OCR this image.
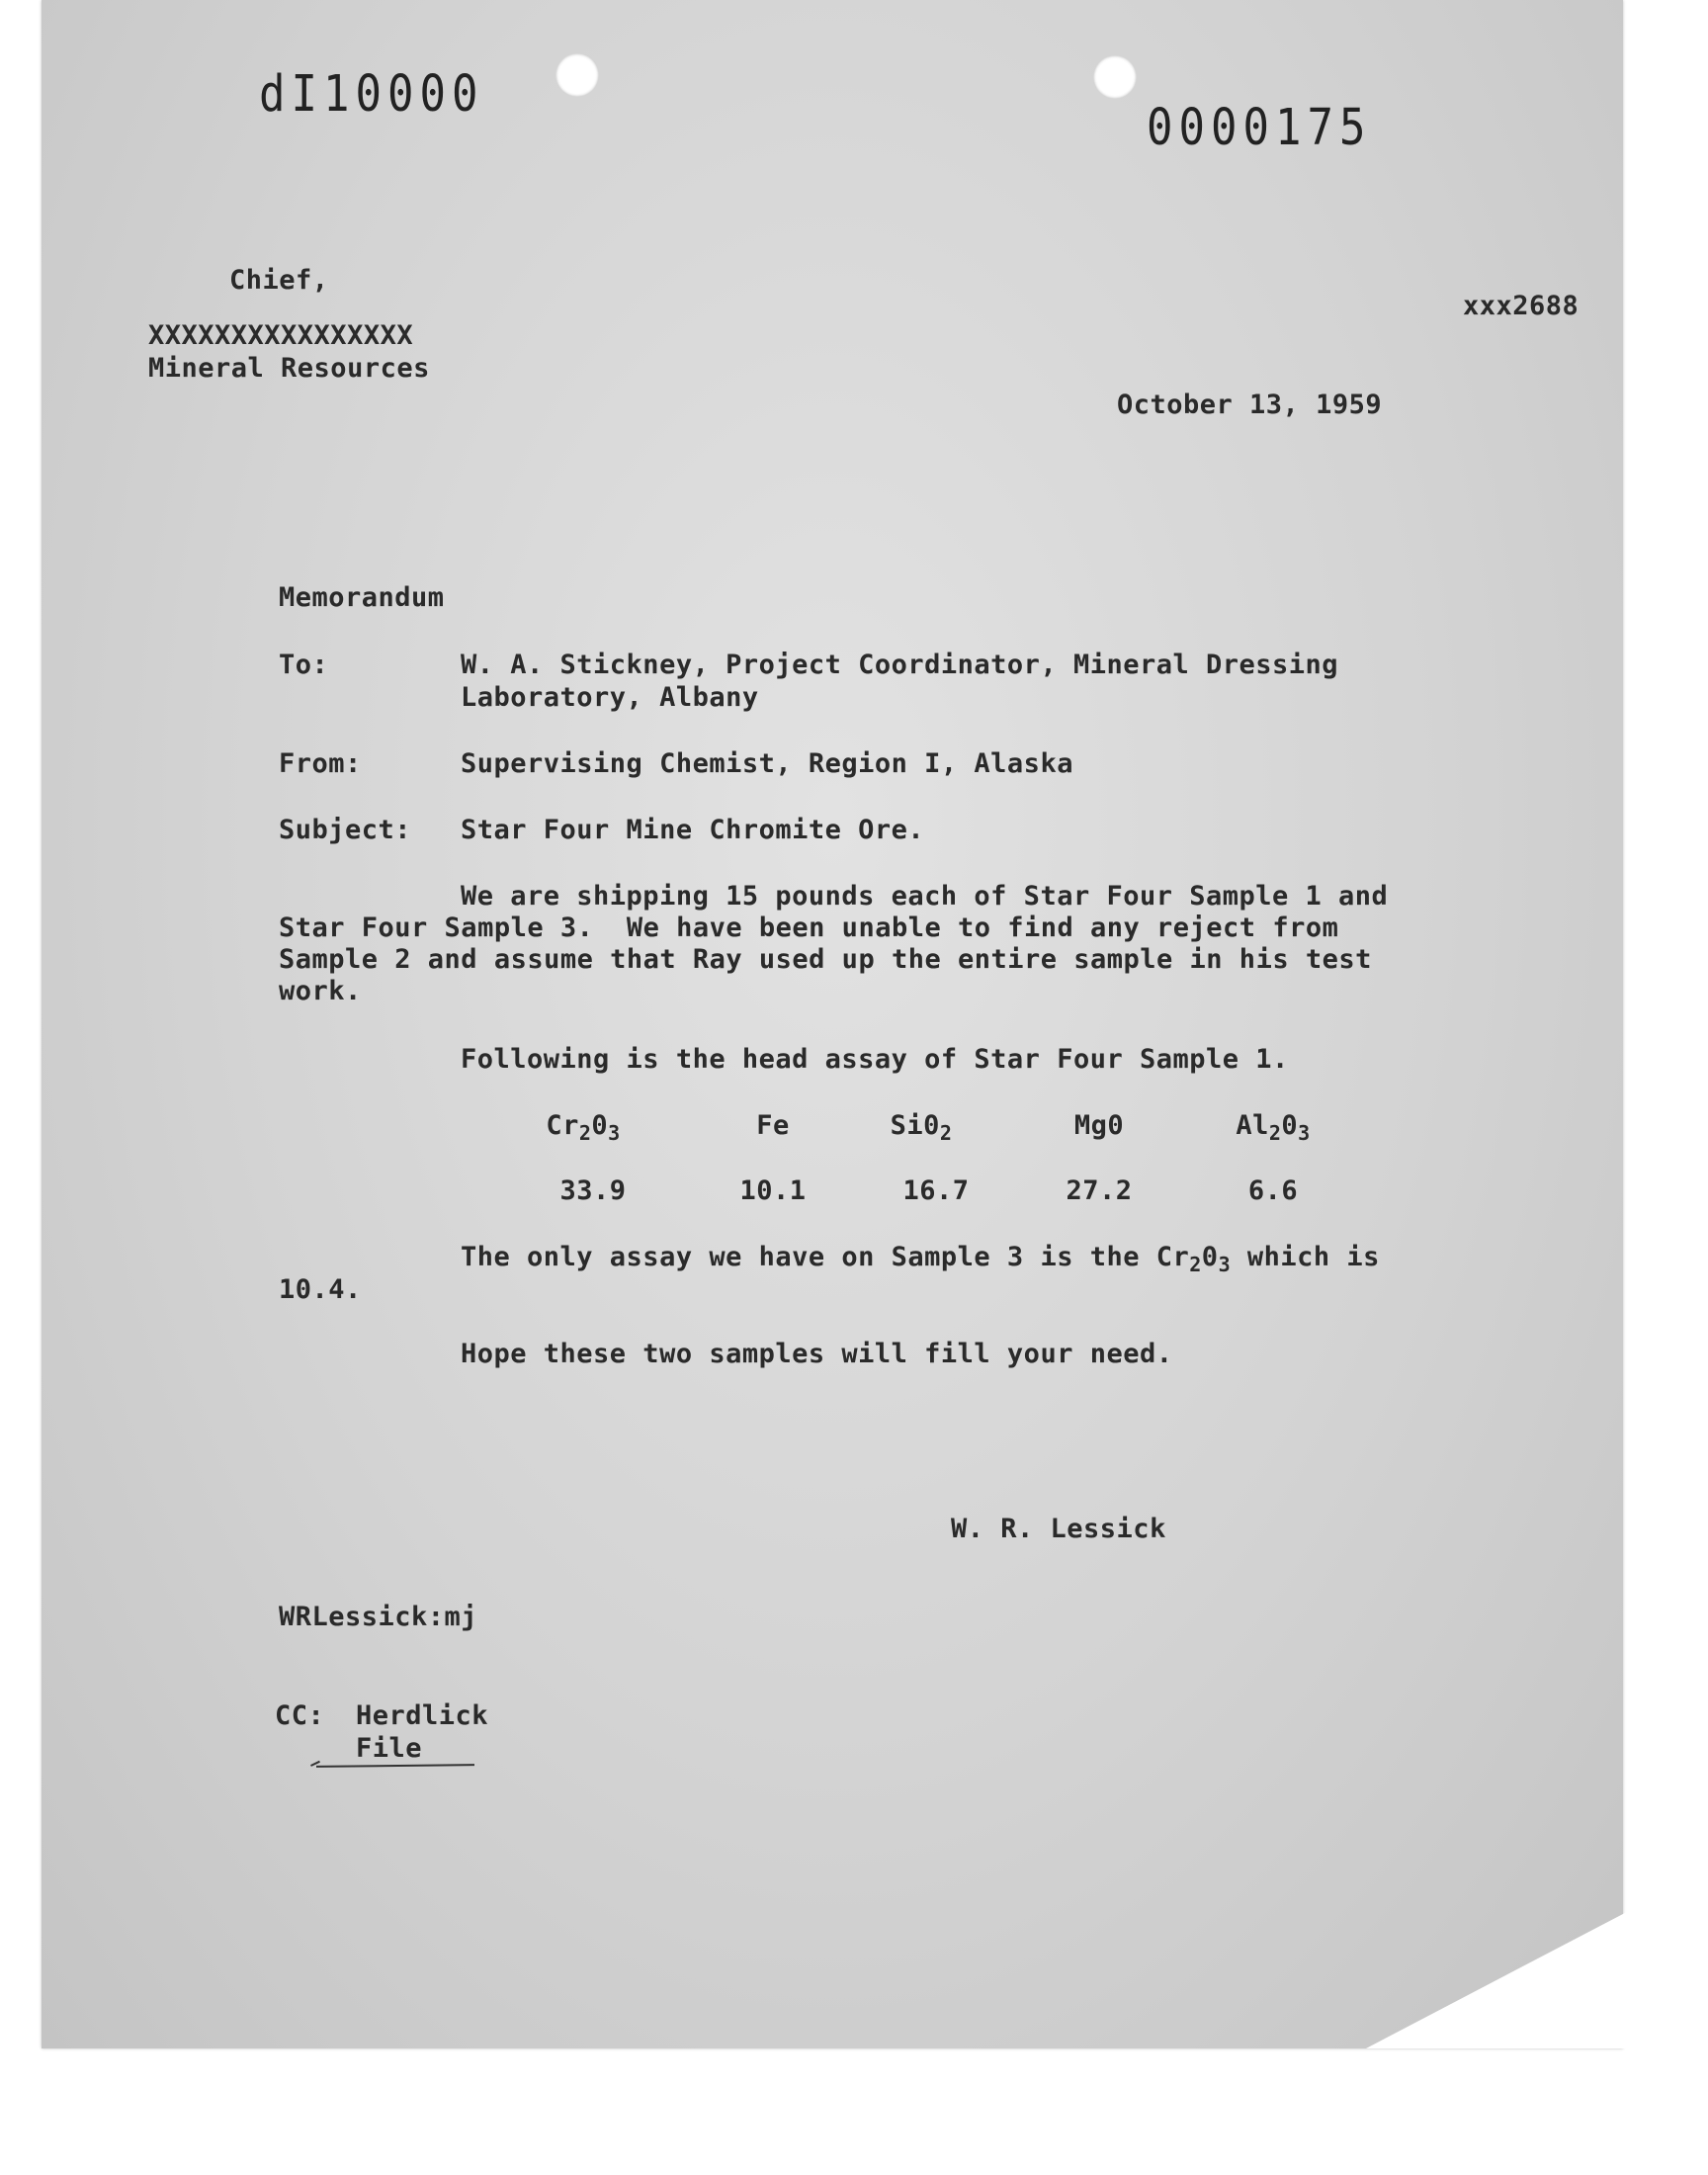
dI10000
0000175
xxx2688
Chief,
XXXXXXXXXXXXXXXX
Mineral Resources
October 13, 1959
Memorandum
To:	W. A. Stickney, Project Coordinator, Mineral Dressing
Laboratory, Albany
From:	Supervising Chemist, Region I, Alaska
Subject: Star Four Mine Chromite Ore.
We are shipping 15 pounds each of Star Four Sample 1 and
Star Four Sample 3.  We have been unable to find any reject from
Sample 2 and assume that Ray used up the entire sample in his test
work.
Following is the head assay of Star Four Sample 1.
$Cr_20_3$	Fe	$Si0_2$	Mg0	$Al_20_3$
33.9	10.1	16.7	27.2	6.6
The only assay we have on Sample 3 is the $Cr_20_3$ which is
10.4.
Hope these two samples will fill your need.
W. R. Lessick
WRLessick:mj
CC: Herdlick
File
